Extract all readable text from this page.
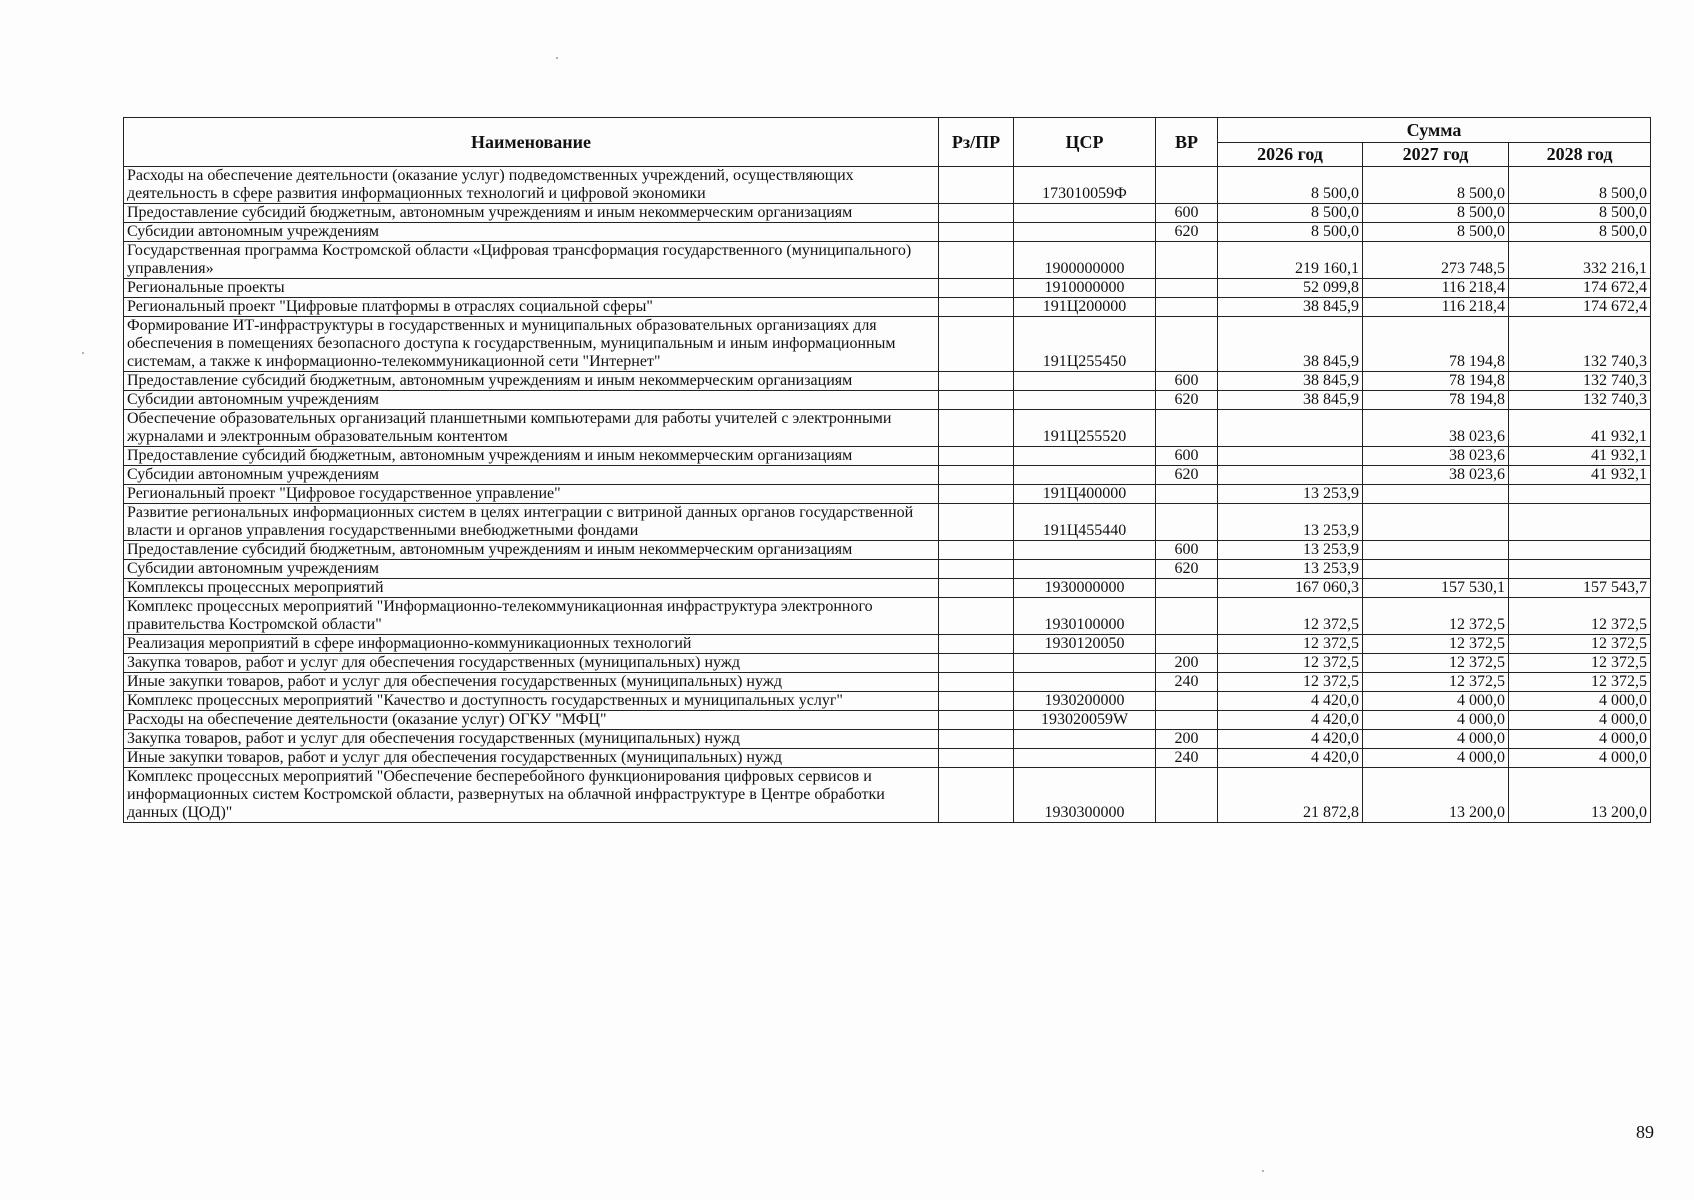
Наименование	Рз/ПР	ЦСР	ВР	Сумма		
				2026 год	2027 год	2028 год
Расходы на обеспечение деятельности (оказание услуг) подведомственных учреждений, осуществляющих деятельность в сфере развития информационных технологий и цифровой экономики		173010059Ф		8 500,0	8 500,0	8 500,0
Предоставление субсидий бюджетным, автономным учреждениям и иным некоммерческим организациям			600	8 500,0	8 500,0	8 500,0
Субсидии автономным учреждениям			620	8 500,0	8 500,0	8 500,0
Государственная программа Костромской области «Цифровая трансформация государственного (муниципального) управления»		1900000000		219 160,1	273 748,5	332 216,1
Региональные проекты		1910000000		52 099,8	116 218,4	174 672,4
Региональный проект "Цифровые платформы в отраслях социальной сферы"		191Ц200000		38 845,9	116 218,4	174 672,4
Формирование ИТ-инфраструктуры в государственных и муниципальных образовательных организациях для обеспечения в помещениях безопасного доступа к государственным, муниципальным и иным информационным системам, а также к информационно-телекоммуникационной сети "Интернет"		191Ц255450		38 845,9	78 194,8	132 740,3
Предоставление субсидий бюджетным, автономным учреждениям и иным некоммерческим организациям			600	38 845,9	78 194,8	132 740,3
Субсидии автономным учреждениям			620	38 845,9	78 194,8	132 740,3
Обеспечение образовательных организаций планшетными компьютерами для работы учителей с электронными журналами и электронным образовательным контентом		191Ц255520			38 023,6	41 932,1
Предоставление субсидий бюджетным, автономным учреждениям и иным некоммерческим организациям			600		38 023,6	41 932,1
Субсидии автономным учреждениям			620		38 023,6	41 932,1
Региональный проект "Цифровое государственное управление"		191Ц400000		13 253,9		
Развитие региональных информационных систем в целях интеграции с витриной данных органов государственной власти и органов управления государственными внебюджетными фондами		191Ц455440		13 253,9		
Предоставление субсидий бюджетным, автономным учреждениям и иным некоммерческим организациям			600	13 253,9		
Субсидии автономным учреждениям			620	13 253,9		
Комплексы процессных мероприятий		1930000000		167 060,3	157 530,1	157 543,7
Комплекс процессных мероприятий "Информационно-телекоммуникационная инфраструктура электронного правительства Костромской области"		1930100000		12 372,5	12 372,5	12 372,5
Реализация мероприятий в сфере информационно-коммуникационных технологий		1930120050		12 372,5	12 372,5	12 372,5
Закупка товаров, работ и услуг для обеспечения государственных (муниципальных) нужд			200	12 372,5	12 372,5	12 372,5
Иные закупки товаров, работ и услуг для обеспечения государственных (муниципальных) нужд			240	12 372,5	12 372,5	12 372,5
Комплекс процессных мероприятий "Качество и доступность государственных и муниципальных услуг"		1930200000		4 420,0	4 000,0	4 000,0
Расходы на обеспечение деятельности (оказание услуг) ОГКУ "МФЦ"		193020059W		4 420,0	4 000,0	4 000,0
Закупка товаров, работ и услуг для обеспечения государственных (муниципальных) нужд			200	4 420,0	4 000,0	4 000,0
Иные закупки товаров, работ и услуг для обеспечения государственных (муниципальных) нужд			240	4 420,0	4 000,0	4 000,0
Комплекс процессных мероприятий "Обеспечение бесперебойного функционирования цифровых сервисов и информационных систем Костромской области, развернутых на облачной инфраструктуре в Центре обработки данных (ЦОД)"		1930300000		21 872,8	13 200,0	13 200,0
89
